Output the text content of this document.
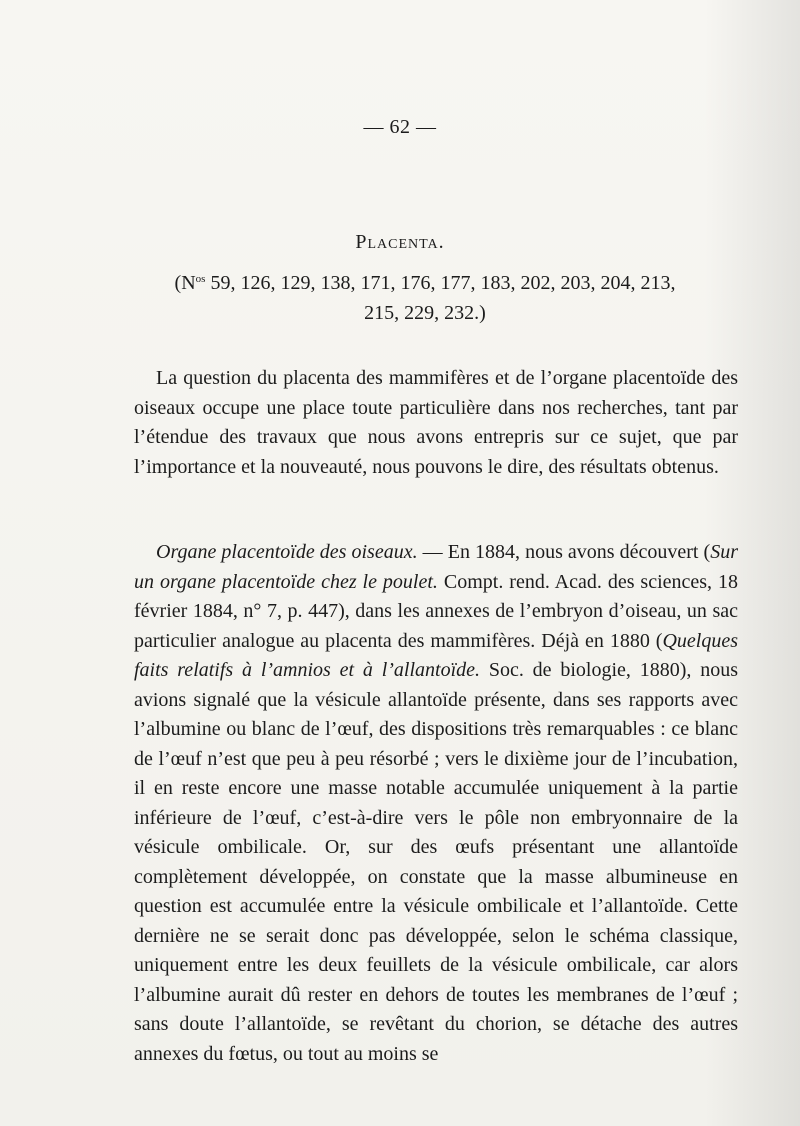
— 62 —
Placenta.
($N^{os}$ 59, 126, 129, 138, 171, 176, 177, 183, 202, 203, 204, 213,
215, 229, 232.)

La question du placenta des mammifères et de l’organe placentoïde des oiseaux occupe une place toute particulière dans nos recherches, tant par l’étendue des travaux que nous avons entrepris sur ce sujet, que par l’importance et la nouveauté, nous pouvons le dire, des résultats obtenus.

Organe placentoïde des oiseaux. — En 1884, nous avons découvert (Sur un organe placentoïde chez le poulet. Compt. rend. Acad. des sciences, 18 février 1884, n° 7, p. 447), dans les annexes de l’embryon d’oiseau, un sac particulier analogue au placenta des mammifères. Déjà en 1880 (Quelques faits relatifs à l’amnios et à l’allantoïde. Soc. de biologie, 1880), nous avions signalé que la vésicule allantoïde présente, dans ses rapports avec l’albumine ou blanc de l’œuf, des dispositions très remarquables : ce blanc de l’œuf n’est que peu à peu résorbé ; vers le dixième jour de l’incubation, il en reste encore une masse notable accumulée uniquement à la partie inférieure de l’œuf, c’est-à-dire vers le pôle non embryonnaire de la vésicule ombilicale. Or, sur des œufs présentant une allantoïde complètement développée, on constate que la masse albumineuse en question est accumulée entre la vésicule ombilicale et l’allantoïde. Cette dernière ne se serait donc pas développée, selon le schéma classique, uniquement entre les deux feuillets de la vésicule ombilicale, car alors l’albumine aurait dû rester en dehors de toutes les membranes de l’œuf ; sans doute l’allantoïde, se revêtant du chorion, se détache des autres annexes du fœtus, ou tout au moins se
